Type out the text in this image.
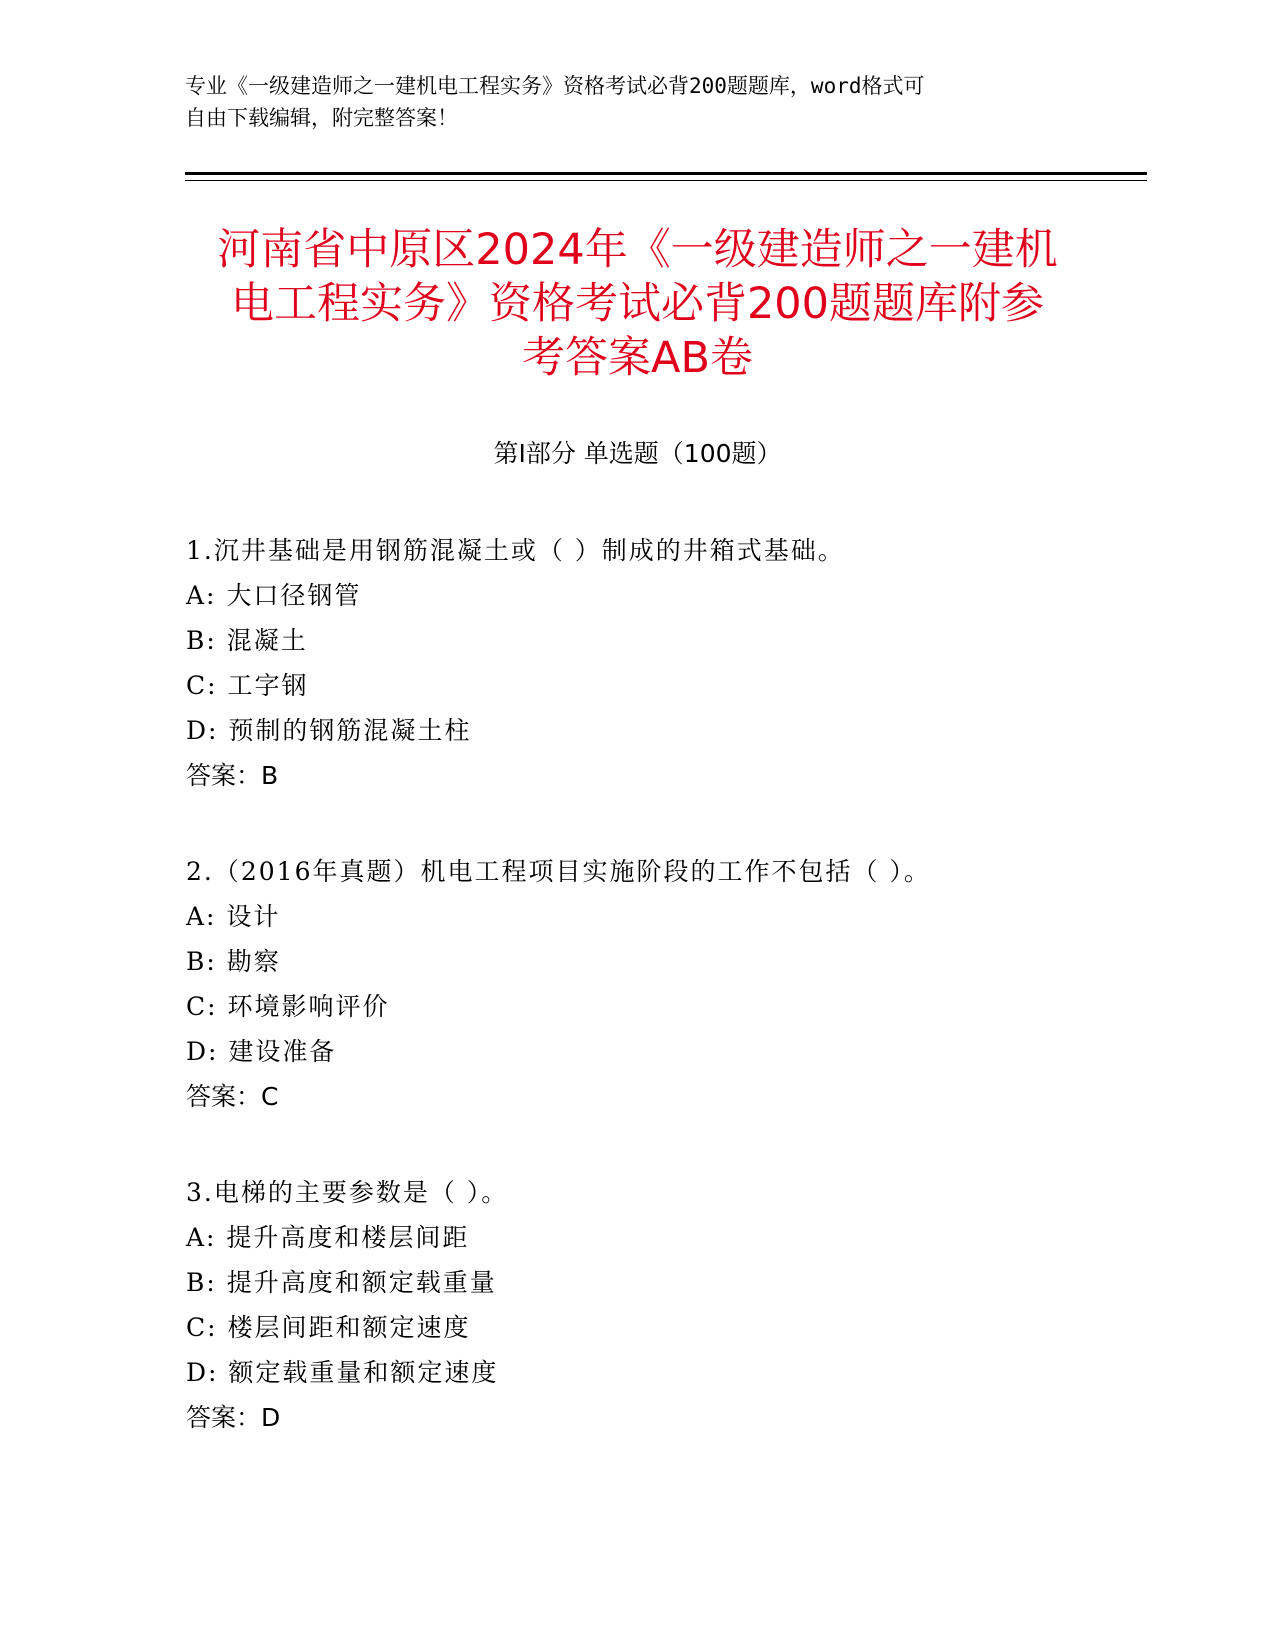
专业《一级建造师之一建机电工程实务》资格考试必背200题题库，word格式可
自由下载编辑，附完整答案！
河南省中原区2024年《一级建造师之一建机
电工程实务》资格考试必背200题题库附参
考答案AB卷
第Ⅰ部分 单选题（100题）
1.沉井基础是用钢筋混凝土或（ ）制成的井箱式基础。
A: 大口径钢管
B: 混凝土
C: 工字钢
D: 预制的钢筋混凝土柱
答案：B
2.（2016年真题）机电工程项目实施阶段的工作不包括（ ）。
A: 设计
B: 勘察
C: 环境影响评价
D: 建设准备
答案：C
3.电梯的主要参数是（ ）。
A: 提升高度和楼层间距
B: 提升高度和额定载重量
C: 楼层间距和额定速度
D: 额定载重量和额定速度
答案：D
